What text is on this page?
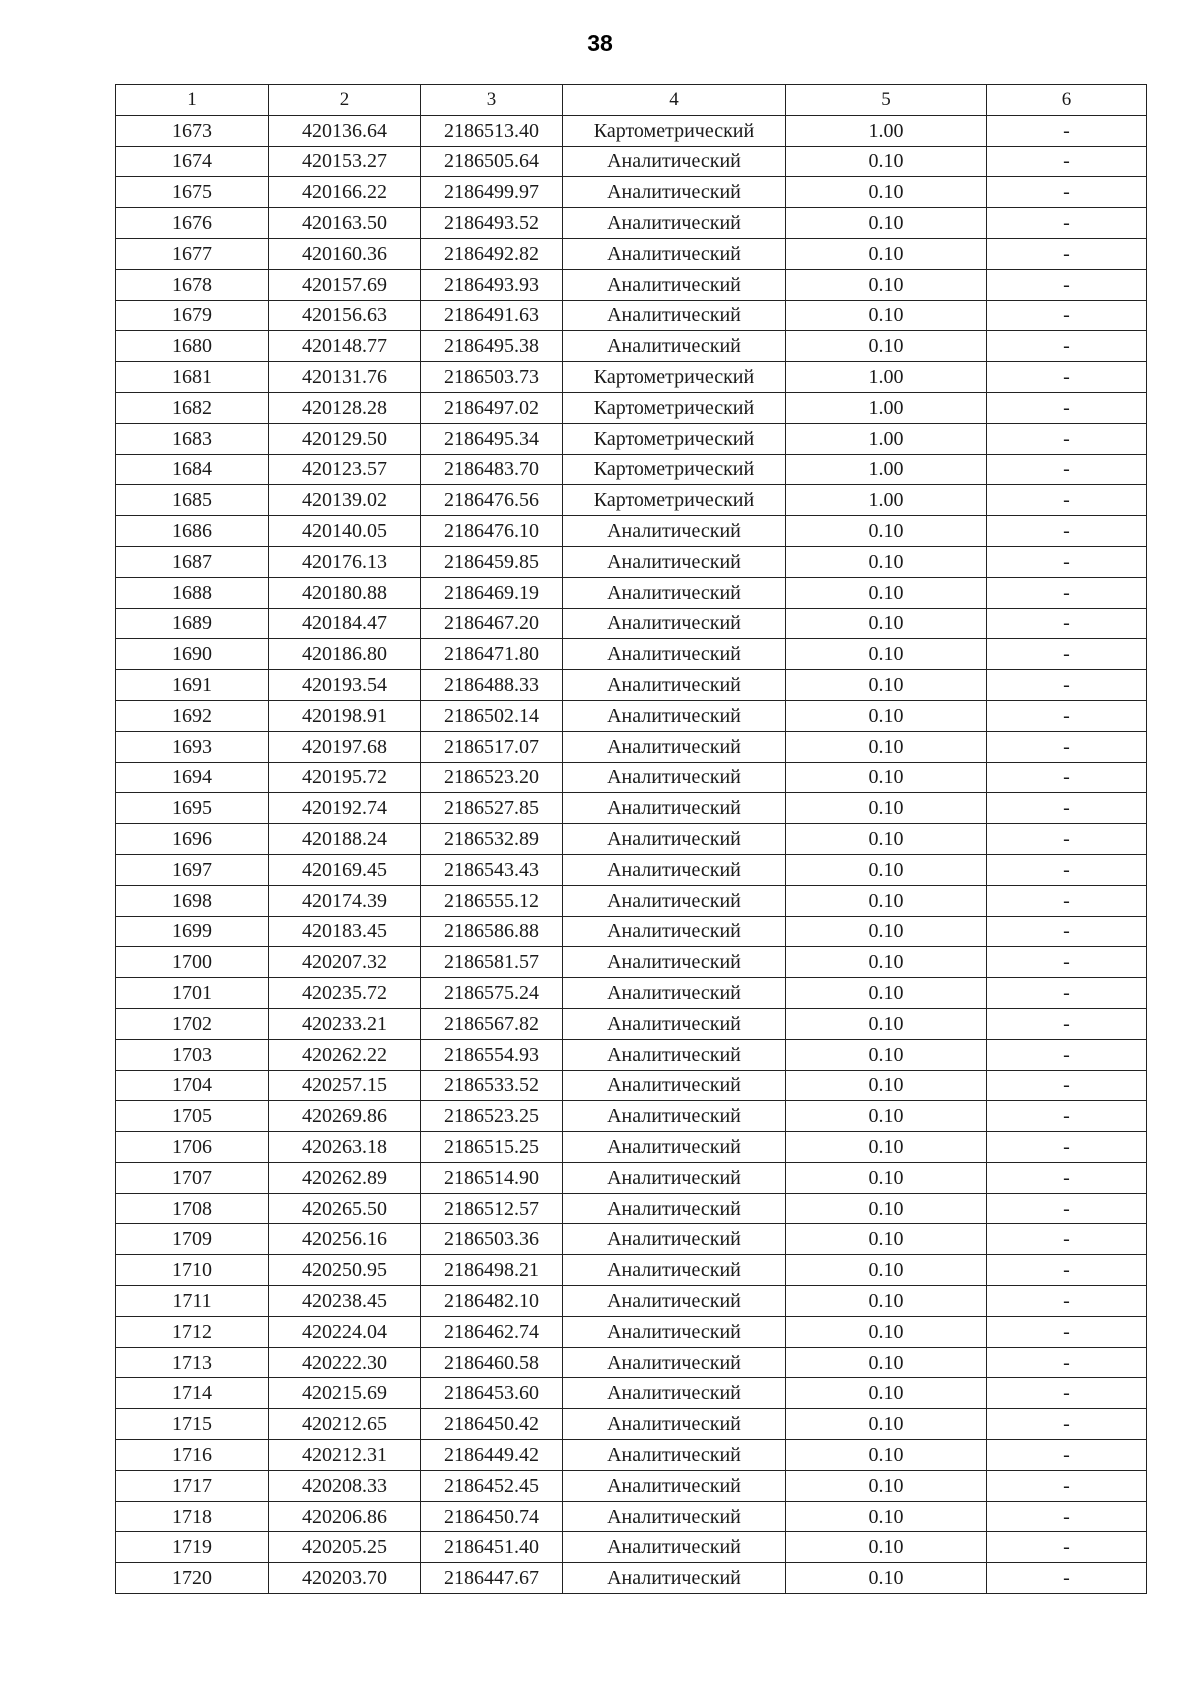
38
1	2	3	4	5	6
1673	420136.64	2186513.40	Картометрический	1.00	-
1674	420153.27	2186505.64	Аналитический	0.10	-
1675	420166.22	2186499.97	Аналитический	0.10	-
1676	420163.50	2186493.52	Аналитический	0.10	-
1677	420160.36	2186492.82	Аналитический	0.10	-
1678	420157.69	2186493.93	Аналитический	0.10	-
1679	420156.63	2186491.63	Аналитический	0.10	-
1680	420148.77	2186495.38	Аналитический	0.10	-
1681	420131.76	2186503.73	Картометрический	1.00	-
1682	420128.28	2186497.02	Картометрический	1.00	-
1683	420129.50	2186495.34	Картометрический	1.00	-
1684	420123.57	2186483.70	Картометрический	1.00	-
1685	420139.02	2186476.56	Картометрический	1.00	-
1686	420140.05	2186476.10	Аналитический	0.10	-
1687	420176.13	2186459.85	Аналитический	0.10	-
1688	420180.88	2186469.19	Аналитический	0.10	-
1689	420184.47	2186467.20	Аналитический	0.10	-
1690	420186.80	2186471.80	Аналитический	0.10	-
1691	420193.54	2186488.33	Аналитический	0.10	-
1692	420198.91	2186502.14	Аналитический	0.10	-
1693	420197.68	2186517.07	Аналитический	0.10	-
1694	420195.72	2186523.20	Аналитический	0.10	-
1695	420192.74	2186527.85	Аналитический	0.10	-
1696	420188.24	2186532.89	Аналитический	0.10	-
1697	420169.45	2186543.43	Аналитический	0.10	-
1698	420174.39	2186555.12	Аналитический	0.10	-
1699	420183.45	2186586.88	Аналитический	0.10	-
1700	420207.32	2186581.57	Аналитический	0.10	-
1701	420235.72	2186575.24	Аналитический	0.10	-
1702	420233.21	2186567.82	Аналитический	0.10	-
1703	420262.22	2186554.93	Аналитический	0.10	-
1704	420257.15	2186533.52	Аналитический	0.10	-
1705	420269.86	2186523.25	Аналитический	0.10	-
1706	420263.18	2186515.25	Аналитический	0.10	-
1707	420262.89	2186514.90	Аналитический	0.10	-
1708	420265.50	2186512.57	Аналитический	0.10	-
1709	420256.16	2186503.36	Аналитический	0.10	-
1710	420250.95	2186498.21	Аналитический	0.10	-
1711	420238.45	2186482.10	Аналитический	0.10	-
1712	420224.04	2186462.74	Аналитический	0.10	-
1713	420222.30	2186460.58	Аналитический	0.10	-
1714	420215.69	2186453.60	Аналитический	0.10	-
1715	420212.65	2186450.42	Аналитический	0.10	-
1716	420212.31	2186449.42	Аналитический	0.10	-
1717	420208.33	2186452.45	Аналитический	0.10	-
1718	420206.86	2186450.74	Аналитический	0.10	-
1719	420205.25	2186451.40	Аналитический	0.10	-
1720	420203.70	2186447.67	Аналитический	0.10	-
